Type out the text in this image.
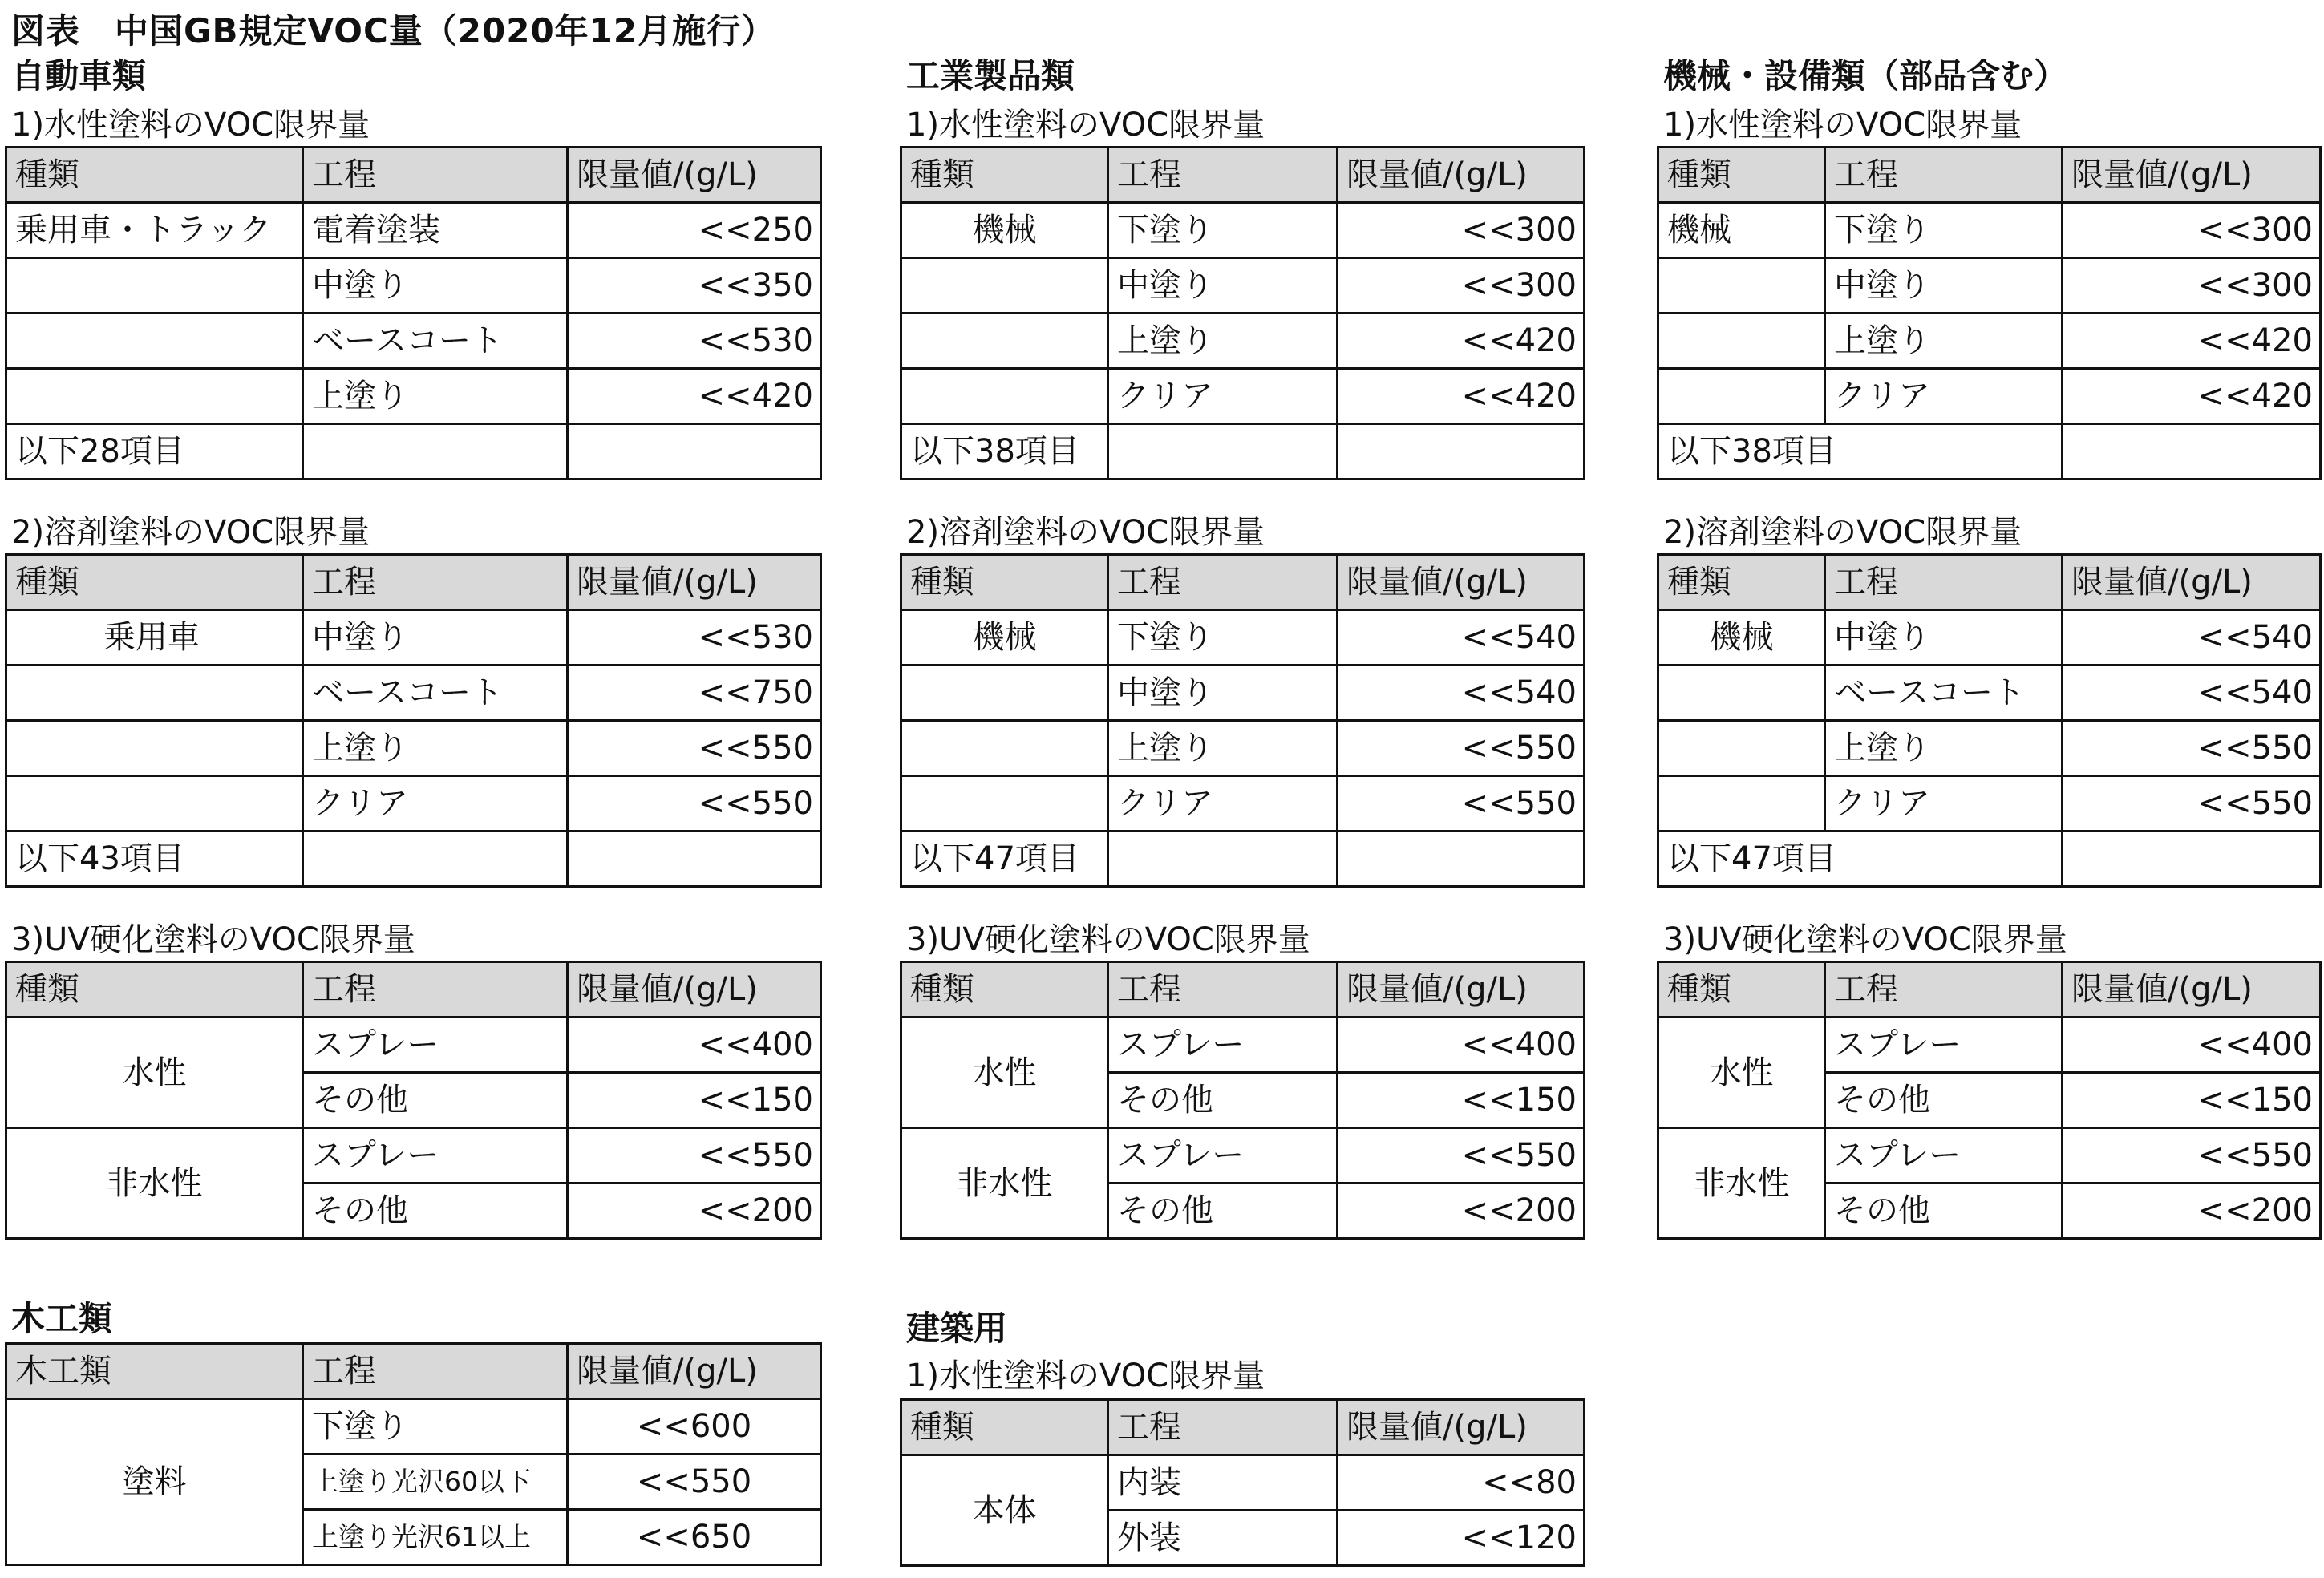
図表　中国GB規定VOC量（2020年12月施行）
自動車類
1)水性塗料のVOC限界量
種類	工程	限量値/(g/L)
乗用車・トラック	電着塗装	<<250
	中塗り	<<350
	ベースコート	<<530
	上塗り	<<420
以下28項目		
2)溶剤塗料のVOC限界量
種類	工程	限量値/(g/L)
乗用車	中塗り	<<530
	ベースコート	<<750
	上塗り	<<550
	クリア	<<550
以下43項目		
3)UV硬化塗料のVOC限界量
種類	工程	限量値/(g/L)
水性	スプレー	<<400
	その他	<<150
非水性	スプレー	<<550
	その他	<<200
木工類
木工類	工程	限量値/(g/L)
塗料	下塗り	<<600
	上塗り光沢60以下	<<550
	上塗り光沢61以上	<<650
工業製品類
1)水性塗料のVOC限界量
種類	工程	限量値/(g/L)
機械	下塗り	<<300
	中塗り	<<300
	上塗り	<<420
	クリア	<<420
以下38項目		
2)溶剤塗料のVOC限界量
種類	工程	限量値/(g/L)
機械	下塗り	<<540
	中塗り	<<540
	上塗り	<<550
	クリア	<<550
以下47項目		
3)UV硬化塗料のVOC限界量
種類	工程	限量値/(g/L)
水性	スプレー	<<400
	その他	<<150
非水性	スプレー	<<550
	その他	<<200
建築用
1)水性塗料のVOC限界量
種類	工程	限量値/(g/L)
本体	内装	<<80
	外装	<<120
機械・設備類（部品含む）
1)水性塗料のVOC限界量
種類	工程	限量値/(g/L)
機械	下塗り	<<300
	中塗り	<<300
	上塗り	<<420
	クリア	<<420
以下38項目		
2)溶剤塗料のVOC限界量
種類	工程	限量値/(g/L)
機械	中塗り	<<540
	ベースコート	<<540
	上塗り	<<550
	クリア	<<550
以下47項目		
3)UV硬化塗料のVOC限界量
種類	工程	限量値/(g/L)
水性	スプレー	<<400
	その他	<<150
非水性	スプレー	<<550
	その他	<<200
